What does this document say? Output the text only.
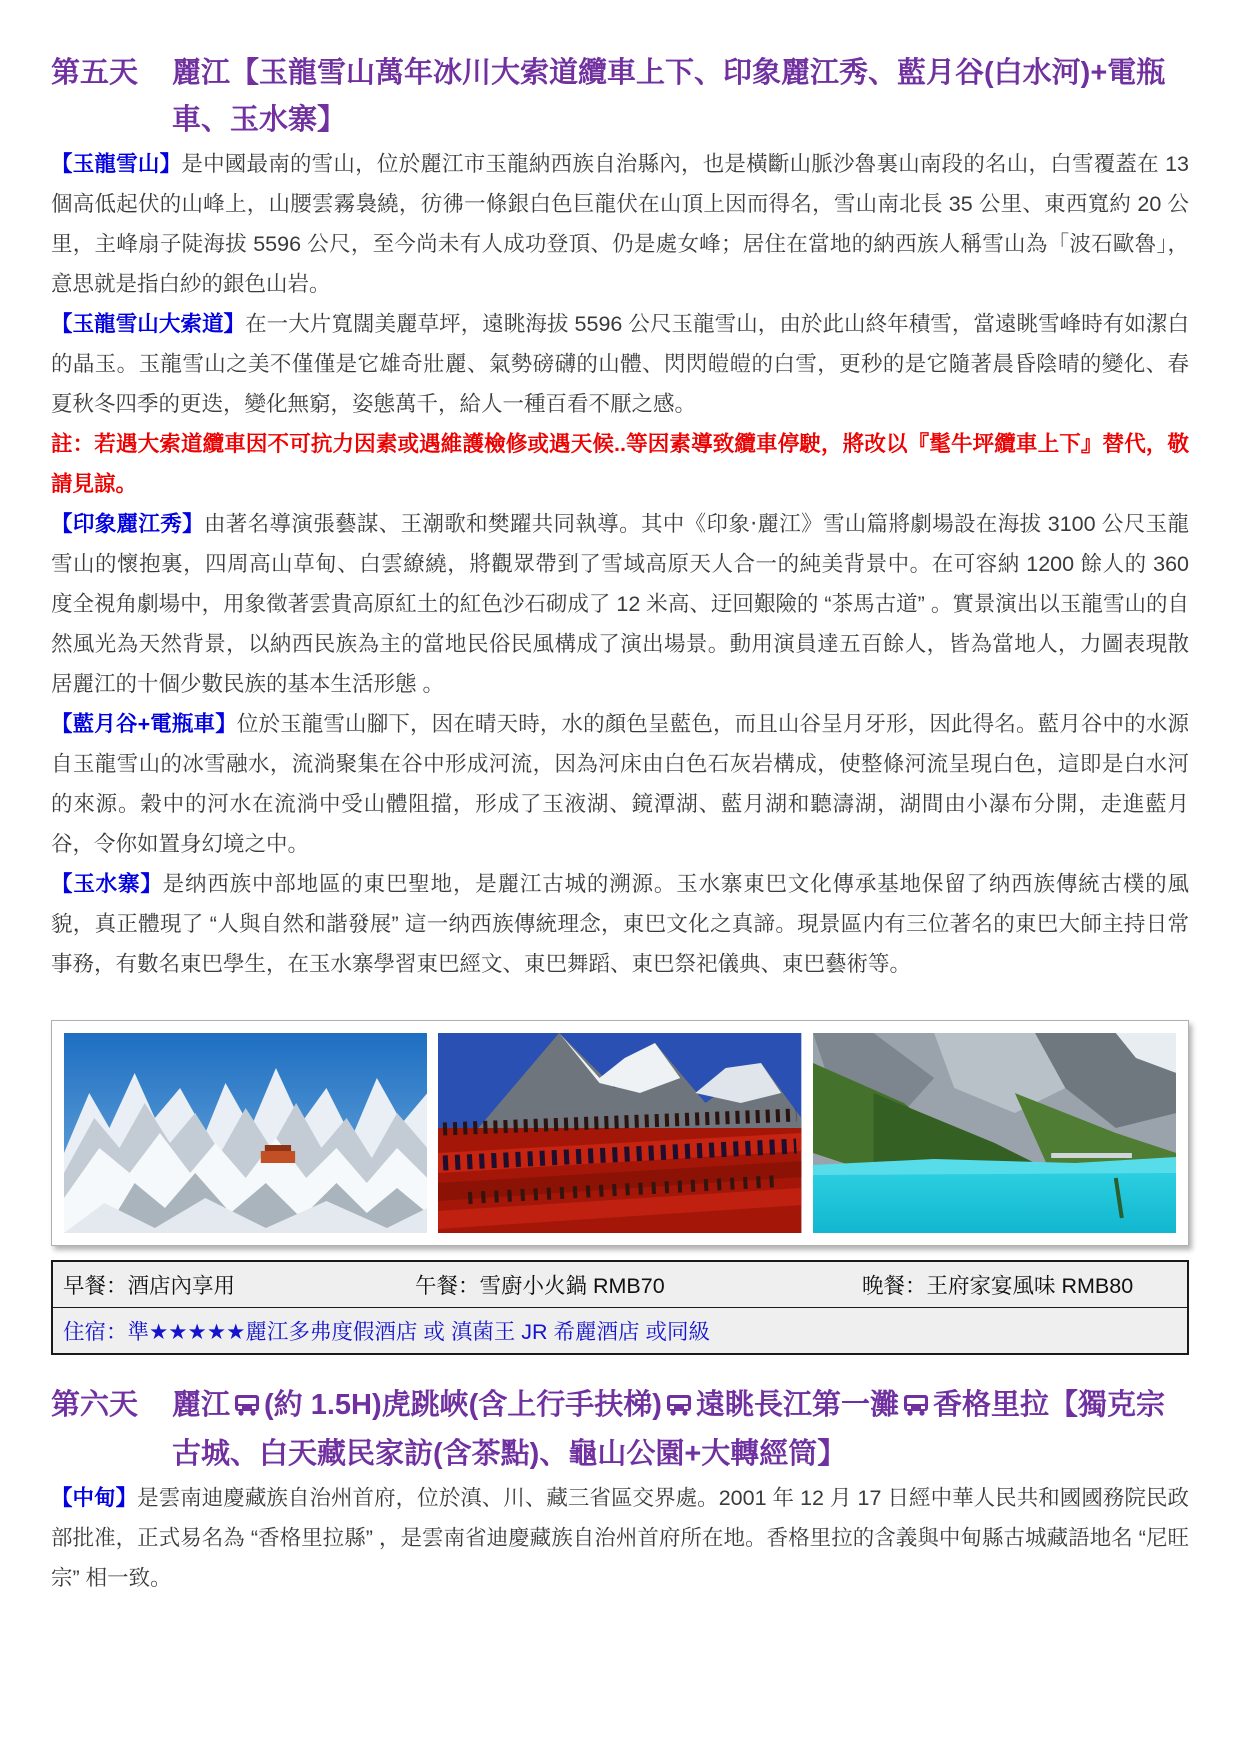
第五天	麗江【玉龍雪山萬年冰川大索道纜車上下、印象麗江秀、藍月谷(白水河)+電瓶車、玉水寨】

【玉龍雪山】是中國最南的雪山，位於麗江市玉龍納西族自治縣內，也是橫斷山脈沙魯裏山南段的名山，白雪覆蓋在 13 個高低起伏的山峰上，山腰雲霧裊繞，彷彿一條銀白色巨龍伏在山頂上因而得名，雪山南北長 35 公里、東西寬約 20 公里，主峰扇子陡海拔 5596 公尺，至今尚未有人成功登頂、仍是處女峰；居住在當地的納西族人稱雪山為「波石歐魯」，意思就是指白紗的銀色山岩。

【玉龍雪山大索道】在一大片寬闊美麗草坪，遠眺海拔 5596 公尺玉龍雪山，由於此山終年積雪，當遠眺雪峰時有如潔白的晶玉。玉龍雪山之美不僅僅是它雄奇壯麗、氣勢磅礴的山體、閃閃皚皚的白雪，更秒的是它隨著晨昏陰晴的變化、春夏秋冬四季的更迭，變化無窮，姿態萬千，給人一種百看不厭之感。

註：若遇大索道纜車因不可抗力因素或遇維護檢修或遇天候..等因素導致纜車停駛，將改以『髦牛坪纜車上下』替代，敬請見諒。

【印象麗江秀】由著名導演張藝謀、王潮歌和樊躍共同執導。其中《印象‧麗江》雪山篇將劇場設在海拔 3100 公尺玉龍雪山的懷抱裏，四周高山草甸、白雲繚繞，將觀眾帶到了雪域高原天人合一的純美背景中。在可容納 1200 餘人的 360 度全視角劇場中，用象徵著雲貴高原紅土的紅色沙石砌成了 12 米高、迂回艱險的 “茶馬古道” 。實景演出以玉龍雪山的自然風光為天然背景，以納西民族為主的當地民俗民風構成了演出場景。動用演員達五百餘人，皆為當地人，力圖表現散居麗江的十個少數民族的基本生活形態 。

【藍月谷+電瓶車】位於玉龍雪山腳下，因在晴天時，水的顏色呈藍色，而且山谷呈月牙形，因此得名。藍月谷中的水源自玉龍雪山的冰雪融水，流淌聚集在谷中形成河流，因為河床由白色石灰岩構成，使整條河流呈現白色，這即是白水河的來源。穀中的河水在流淌中受山體阻擋，形成了玉液湖、鏡潭湖、藍月湖和聽濤湖，湖間由小瀑布分開，走進藍月谷，令你如置身幻境之中。

【玉水寨】是纳西族中部地區的東巴聖地，是麗江古城的溯源。玉水寨東巴文化傳承基地保留了纳西族傳統古樸的風貌，真正體現了 “人與自然和諧發展” 這一纳西族傳統理念，東巴文化之真諦。現景區内有三位著名的東巴大師主持日常事務，有數名東巴學生，在玉水寨學習東巴經文、東巴舞蹈、東巴祭祀儀典、東巴藝術等。

早餐：酒店內享用	午餐：雪廚小火鍋 RMB70	晚餐：王府家宴風味 RMB80
住宿：準★★★★★麗江多弗度假酒店 或 滇菌王 JR 希麗酒店 或同級
第六天	麗江 (約 1.5H)虎跳峽(含上行手扶梯) 遠眺長江第一灘 香格里拉【獨克宗古城、白天藏民家訪(含茶點)、龜山公園+大轉經筒】

【中甸】是雲南迪慶藏族自治州首府，位於滇、川、藏三省區交界處。2001 年 12 月 17 日經中華人民共和國國務院民政部批准，正式易名為 “香格里拉縣” ，是雲南省迪慶藏族自治州首府所在地。香格里拉的含義與中甸縣古城藏語地名 “尼旺宗” 相一致。
